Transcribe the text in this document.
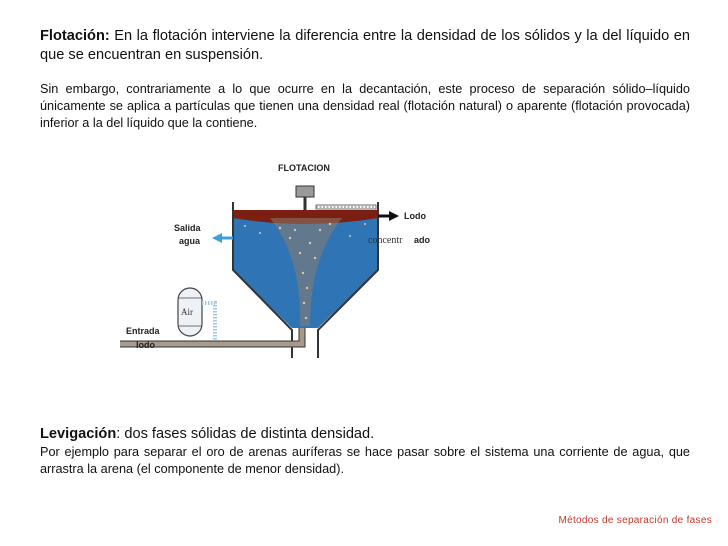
Flotación: En la flotación interviene la diferencia entre la densidad de los sólidos y la del líquido en que se encuentran en suspensión.

Sin embargo, contrariamente a lo que ocurre en la decantación, este proceso de separación sólido–líquido únicamente se aplica a partículas que tienen una densidad real (flotación natural) o aparente (flotación provocada) inferior a la del líquido que la contiene.

FLOTACION
Salida
agua
Lodo
concentr ado
Air
Entrada
lodo

Levigación: dos fases sólidas de distinta densidad.

Por ejemplo para separar el oro de arenas auríferas se hace pasar sobre el sistema una corriente de agua, que arrastra la arena (el componente de menor densidad).

Métodos de separación de fases
